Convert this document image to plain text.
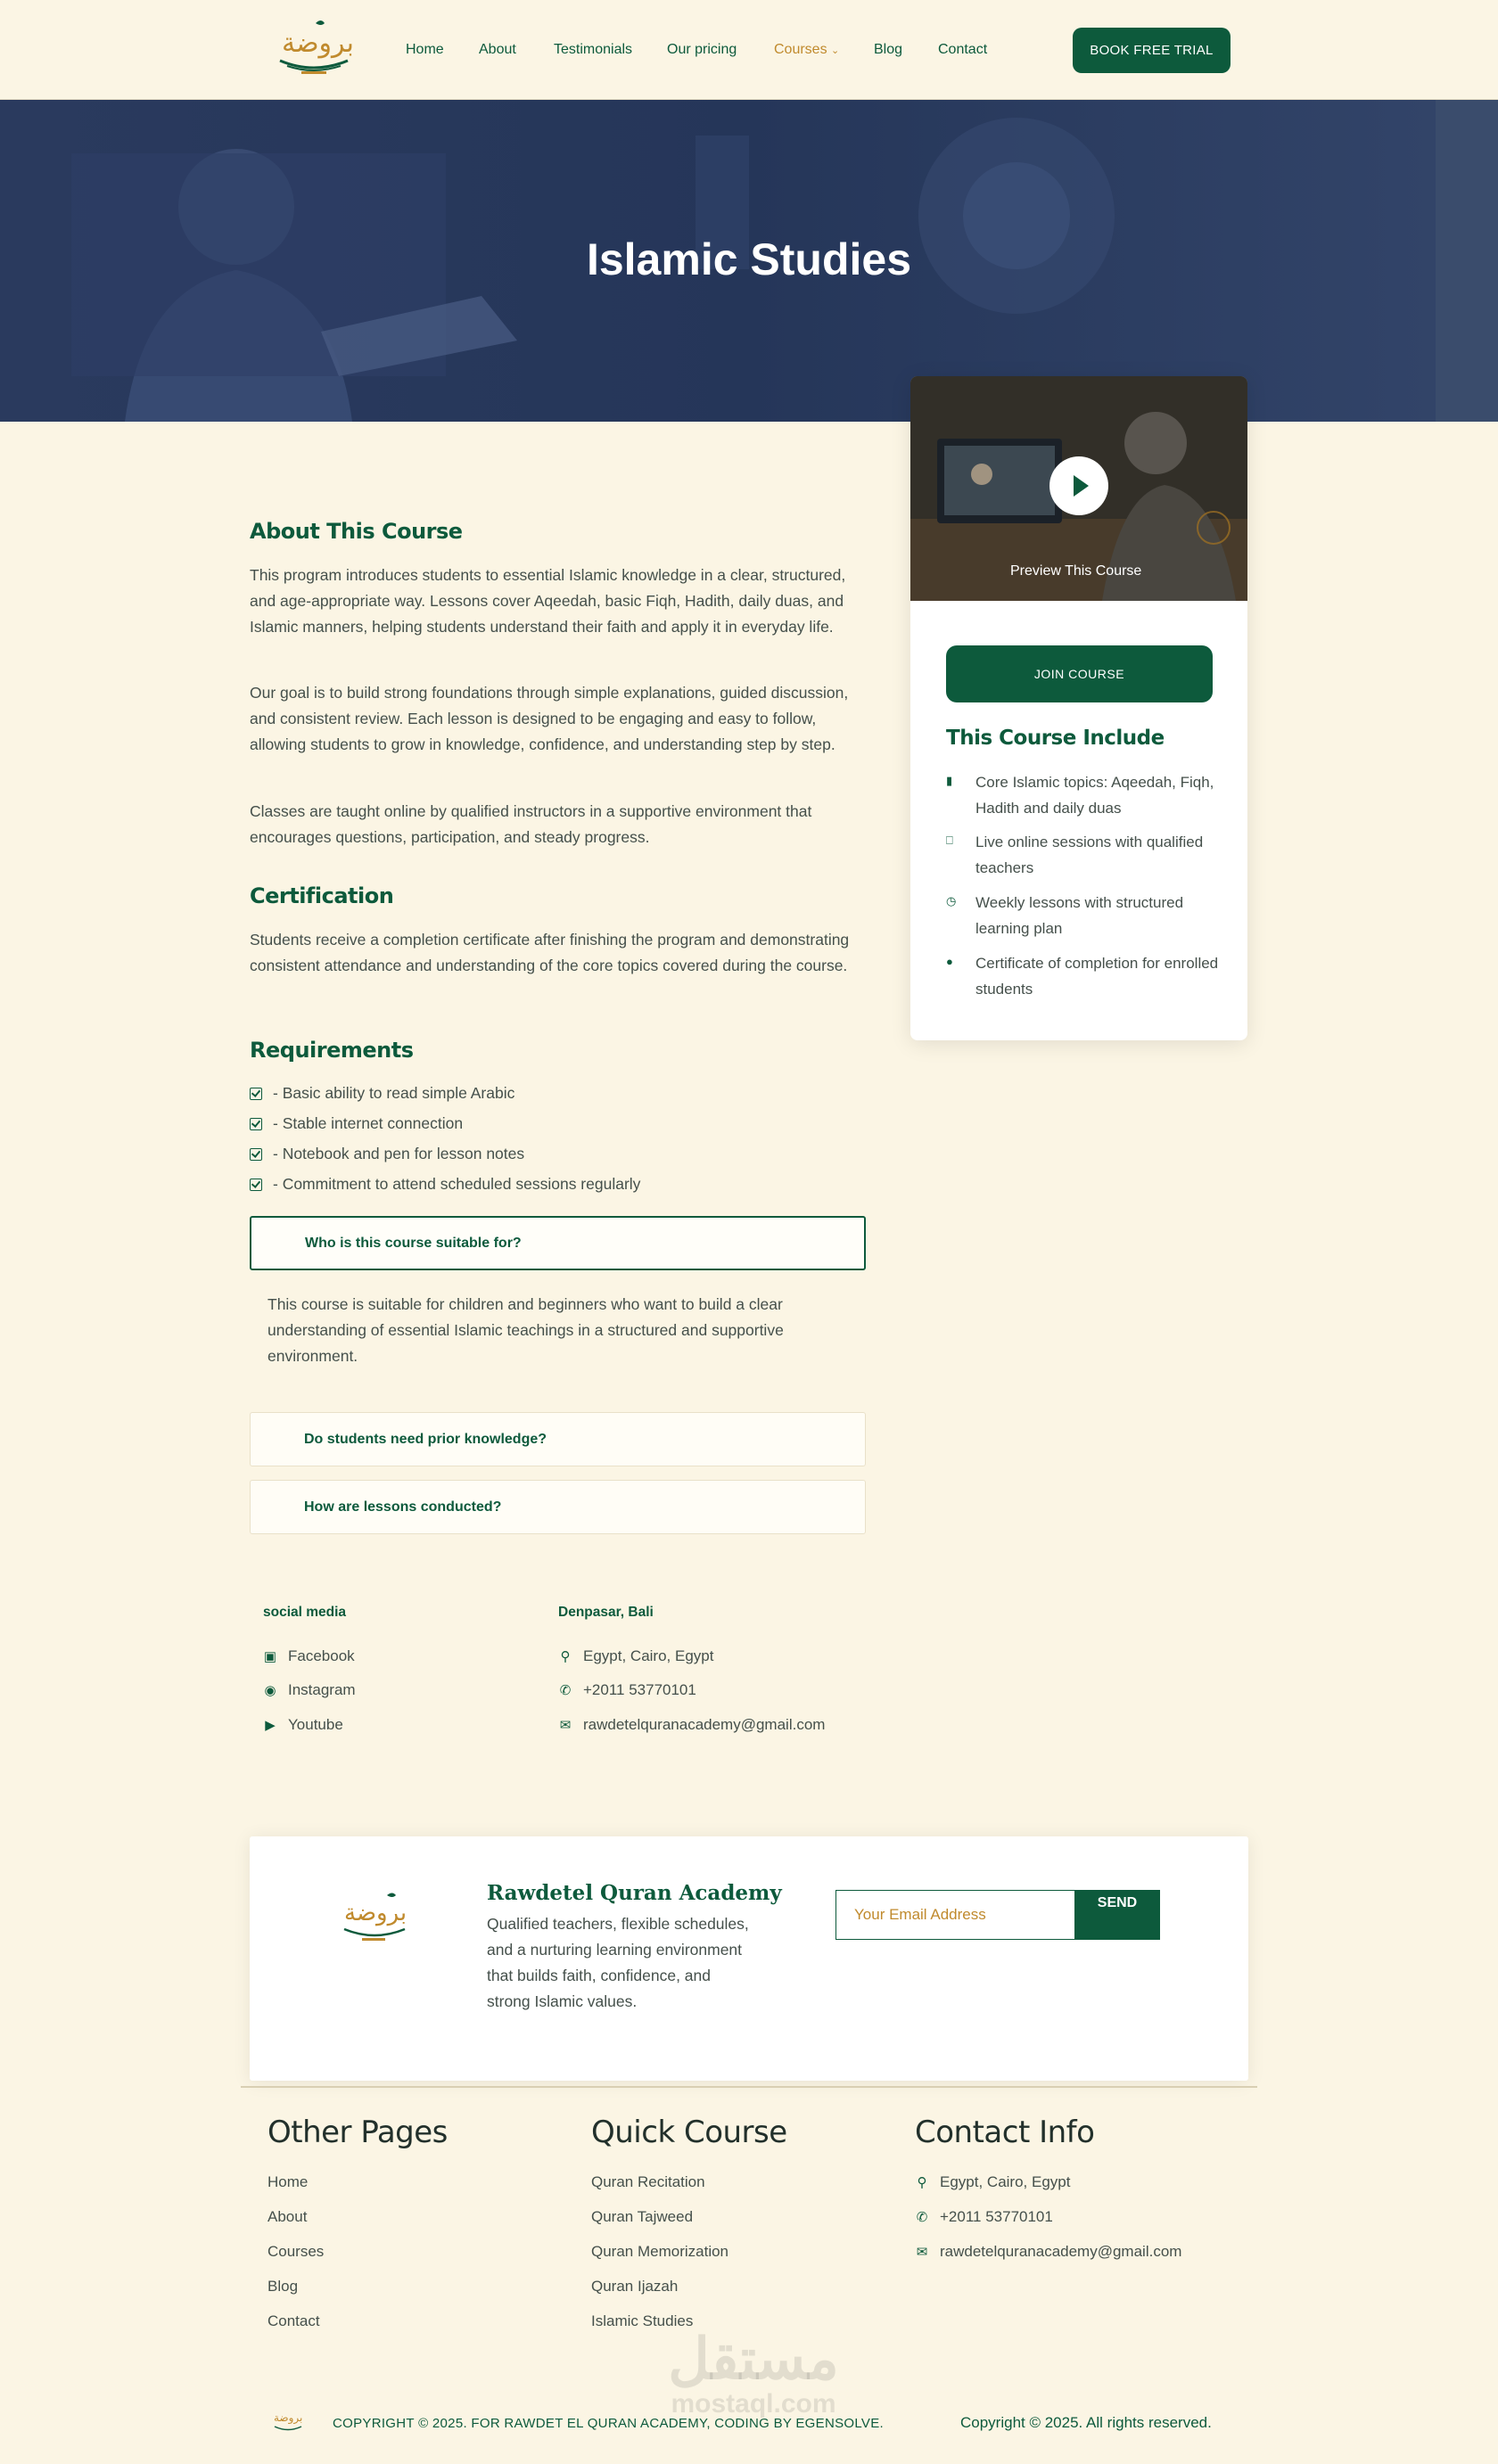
بروضة	Home About	Testimonials Our pricing	Courses ⌄ Blog Contact	BOOK FREE TRIAL
Islamic Studies
About This Course

This program introduces students to essential Islamic knowledge in a clear, structured, and age-appropriate way. Lessons cover Aqeedah, basic Fiqh, Hadith, daily duas, and Islamic manners, helping students understand their faith and apply it in everyday life.

Our goal is to build strong foundations through simple explanations, guided discussion, and consistent review. Each lesson is designed to be engaging and easy to follow, allowing students to grow in knowledge, confidence, and understanding step by step.

Classes are taught online by qualified instructors in a supportive environment that encourages questions, participation, and steady progress.

Certification

Students receive a completion certificate after finishing the program and demonstrating consistent attendance and understanding of the core topics covered during the course.

Requirements
- Basic ability to read simple Arabic
- Stable internet connection
- Notebook and pen for lesson notes
- Commitment to attend scheduled sessions regularly
Who is this course suitable for?

This course is suitable for children and beginners who want to build a clear understanding of essential Islamic teachings in a structured and supportive environment.

Do students need prior knowledge?
How are lessons conducted?
Preview This Course
JOIN COURSE
This Course Include
▮	Core Islamic topics: Aqeedah, Fiqh, Hadith and daily duas
⎕	Live online sessions with qualified teachers
◷ Weekly lessons with structured learning plan
●	Certificate of completion for enrolled students
social media
▣ Facebook
◉ Instagram
▶ Youtube
Denpasar, Bali
⚲ Egypt, Cairo, Egypt
✆ +2011 53770101
✉ rawdetelquranacademy@gmail.com
بروضة
Rawdetel Quran Academy

Qualified teachers, flexible schedules, and a nurturing learning environment that builds faith, confidence, and strong Islamic values.

Your Email Address
SEND
Other Pages
Home
About
Courses
Blog
Contact
Quick Course
Quran Recitation
Quran Tajweed
Quran Memorization
Quran Ijazah
Islamic Studies
Contact Info
⚲ Egypt, Cairo, Egypt
✆ +2011 53770101
✉ rawdetelquranacademy@gmail.com
مستقل
mostaql.com
بروضة COPYRIGHT © 2025. FOR RAWDET EL QURAN ACADEMY, CODING BY EGENSOLVE.	Copyright © 2025. All rights reserved.
